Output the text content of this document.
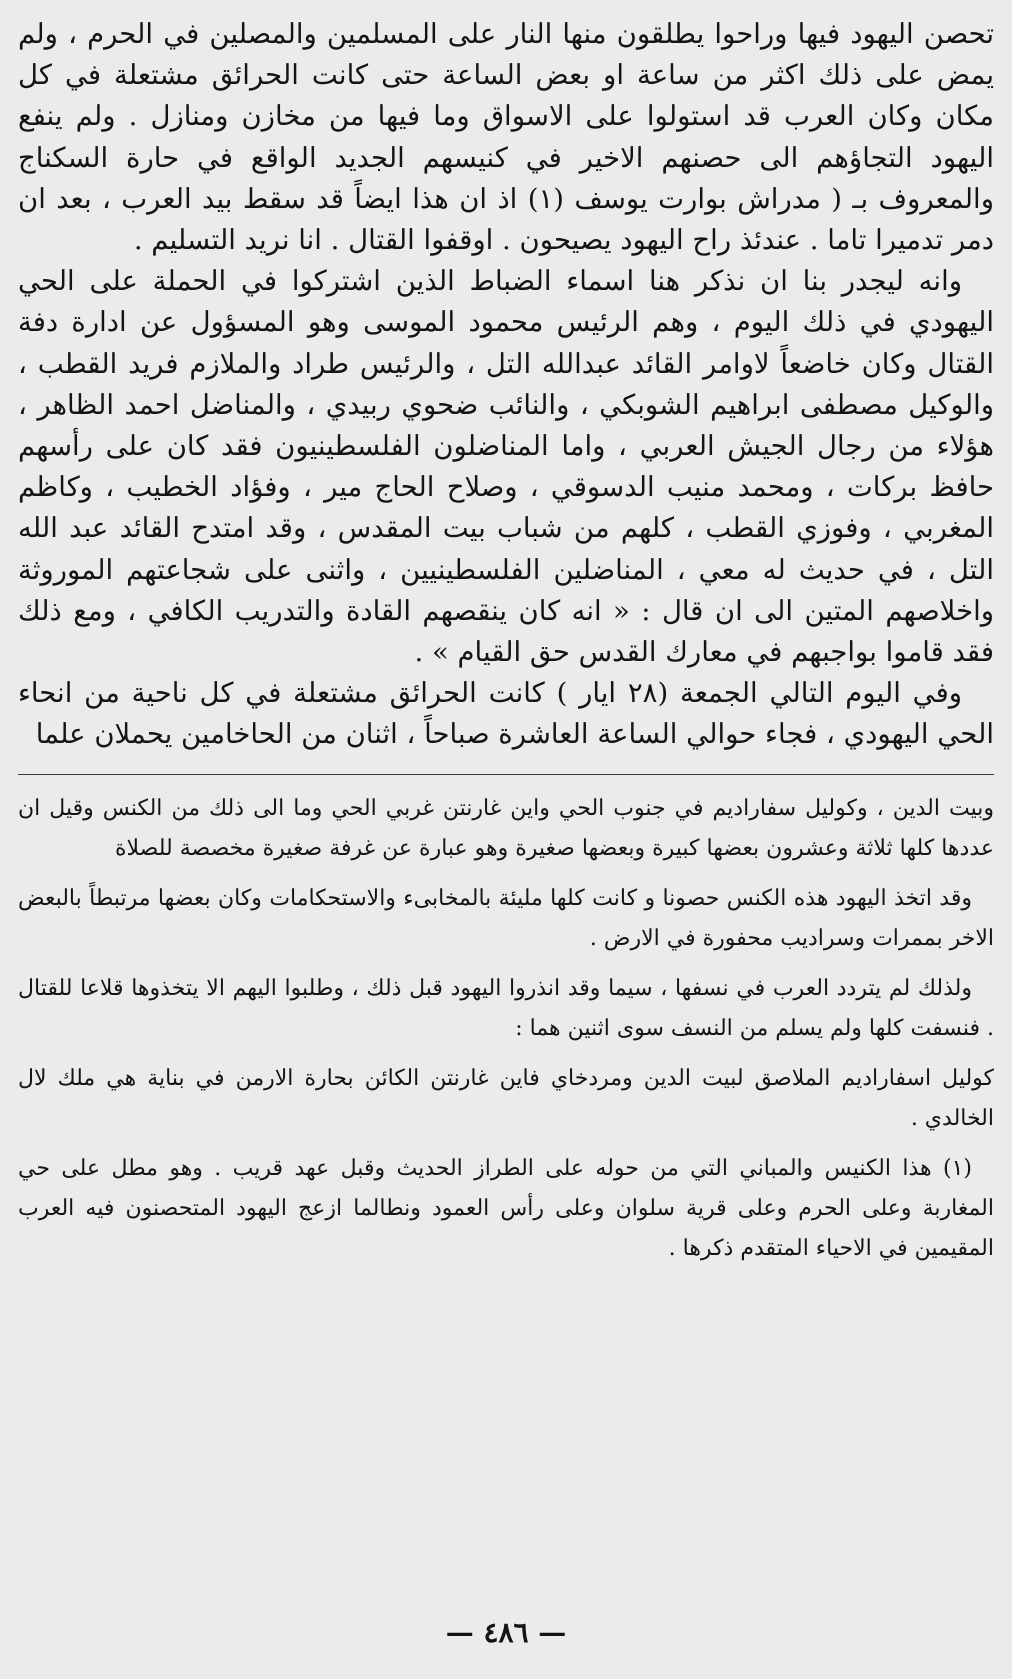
تحصن اليهود فيها وراحوا يطلقون منها النار على المسلمين والمصلين في الحرم ، ولم يمض على ذلك اكثر من ساعة او بعض الساعة حتى كانت الحرائق مشتعلة في كل مكان وكان العرب قد استولوا على الاسواق وما فيها من مخازن ومنازل . ولم ينفع اليهود التجاؤهم الى حصنهم الاخير في كنيسهم الجديد الواقع في حارة السكناج والمعروف بـ ( مدراش بوارت يوسف (١) اذ ان هذا ايضاً قد سقط بيد العرب ، بعد ان دمر تدميرا تاما . عندئذ راح اليهود يصيحون . اوقفوا القتال . انا نريد التسليم .

وانه ليجدر بنا ان نذكر هنا اسماء الضباط الذين اشتركوا في الحملة على الحي اليهودي في ذلك اليوم ، وهم الرئيس محمود الموسى وهو المسؤول عن ادارة دفة القتال وكان خاضعاً لاوامر القائد عبدالله التل ، والرئيس طراد والملازم فريد القطب ، والوكيل مصطفى ابراهيم الشوبكي ، والنائب ضحوي ربيدي ، والمناضل احمد الظاهر ، هؤلاء من رجال الجيش العربي ، واما المناضلون الفلسطينيون فقد كان على رأسهم حافظ بركات ، ومحمد منيب الدسوقي ، وصلاح الحاج مير ، وفؤاد الخطيب ، وكاظم المغربي ، وفوزي القطب ، كلهم من شباب بيت المقدس ، وقد امتدح القائد عبد الله التل ، في حديث له معي ، المناضلين الفلسطينيين ، واثنى على شجاعتهم الموروثة واخلاصهم المتين الى ان قال : « انه كان ينقصهم القادة والتدريب الكافي ، ومع ذلك فقد قاموا بواجبهم في معارك القدس حق القيام » .

وفي اليوم التالي الجمعة (٢٨ ايار ) كانت الحرائق مشتعلة في كل ناحية من انحاء الحي اليهودي ، فجاء حوالي الساعة العاشرة صباحاً ، اثنان من الحاخامين يحملان علما

وبيت الدين ، وكوليل سفاراديم في جنوب الحي واين غارنتن غربي الحي وما الى ذلك من الكنس وقيل ان عددها كلها ثلاثة وعشرون بعضها كبيرة وبعضها صغيرة وهو عبارة عن غرفة صغيرة مخصصة للصلاة

وقد اتخذ اليهود هذه الكنس حصونا و كانت كلها مليئة بالمخابىء والاستحكامات وكان بعضها مرتبطاً بالبعض الاخر بممرات وسراديب محفورة في الارض .

ولذلك لم يتردد العرب في نسفها ، سيما وقد انذروا اليهود قبل ذلك ، وطلبوا اليهم الا يتخذوها قلاعا للقتال . فنسفت كلها ولم يسلم من النسف سوى اثنين هما :

كوليل اسفاراديم الملاصق لبيت الدين ومردخاي فاين غارنتن الكائن بحارة الارمن في بناية هي ملك لال الخالدي .

(١) هذا الكنيس والمباني التي من حوله على الطراز الحديث وقبل عهد قريب . وهو مطل على حي المغاربة وعلى الحرم وعلى قرية سلوان وعلى رأس العمود ونطالما ازعج اليهود المتحصنون فيه العرب المقيمين في الاحياء المتقدم ذكرها .

— ٤٨٦ —
